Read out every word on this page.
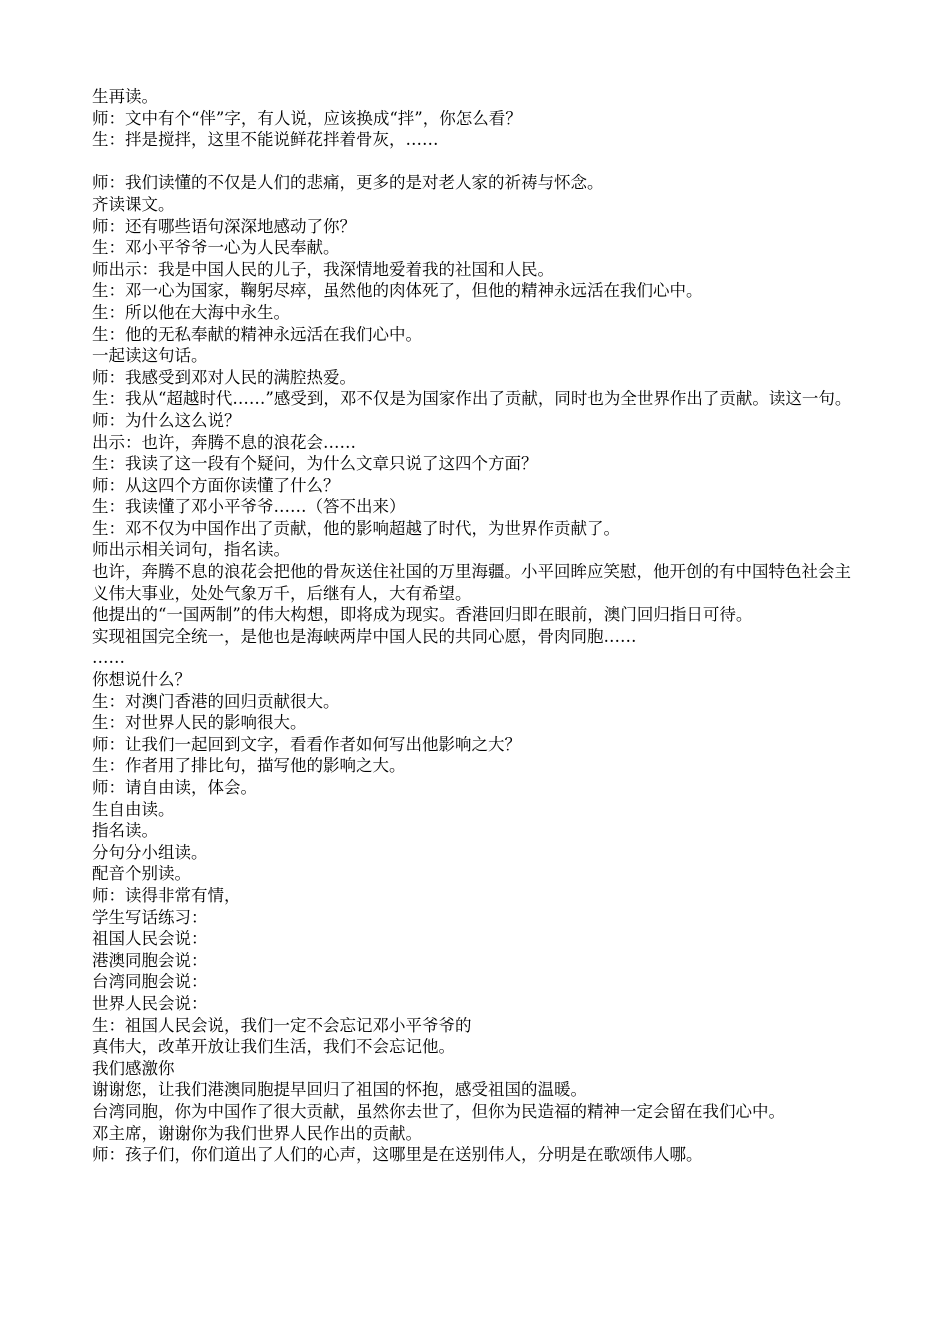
生再读。

师：文中有个“伴”字，有人说，应该换成“拌”，你怎么看？

生：拌是搅拌，这里不能说鲜花拌着骨灰，……

师：我们读懂的不仅是人们的悲痛，更多的是对老人家的祈祷与怀念。

齐读课文。

师：还有哪些语句深深地感动了你？

生：邓小平爷爷一心为人民奉献。

师出示：我是中国人民的儿子，我深情地爱着我的社国和人民。

生：邓一心为国家，鞠躬尽瘁，虽然他的肉体死了，但他的精神永远活在我们心中。

生：所以他在大海中永生。

生：他的无私奉献的精神永远活在我们心中。

一起读这句话。

师：我感受到邓对人民的满腔热爱。

生：我从“超越时代……”感受到，邓不仅是为国家作出了贡献，同时也为全世界作出了贡献。读这一句。

师：为什么这么说？

出示：也许，奔腾不息的浪花会……

生：我读了这一段有个疑问，为什么文章只说了这四个方面？

师：从这四个方面你读懂了什么？

生：我读懂了邓小平爷爷……（答不出来）

生：邓不仅为中国作出了贡献，他的影响超越了时代，为世界作贡献了。

师出示相关词句，指名读。

也许，奔腾不息的浪花会把他的骨灰送住社国的万里海疆。小平回眸应笑慰，他开创的有中国特色社会主义伟大事业，处处气象万千，后继有人，大有希望。

他提出的“一国两制”的伟大构想，即将成为现实。香港回归即在眼前，澳门回归指日可待。

实现祖国完全统一，是他也是海峡两岸中国人民的共同心愿，骨肉同胞……

……

你想说什么？

生：对澳门香港的回归贡献很大。

生：对世界人民的影响很大。

师：让我们一起回到文字，看看作者如何写出他影响之大？

生：作者用了排比句，描写他的影响之大。

师：请自由读，体会。

生自由读。

指名读。

分句分小组读。

配音个别读。

师：读得非常有情，

学生写话练习：

祖国人民会说：

港澳同胞会说：

台湾同胞会说：

世界人民会说：

生：祖国人民会说，我们一定不会忘记邓小平爷爷的

真伟大，改革开放让我们生活，我们不会忘记他。

我们感激你

谢谢您，让我们港澳同胞提早回归了祖国的怀抱，感受祖国的温暖。

台湾同胞，你为中国作了很大贡献，虽然你去世了，但你为民造福的精神一定会留在我们心中。

邓主席，谢谢你为我们世界人民作出的贡献。

师：孩子们，你们道出了人们的心声，这哪里是在送别伟人，分明是在歌颂伟人哪。
